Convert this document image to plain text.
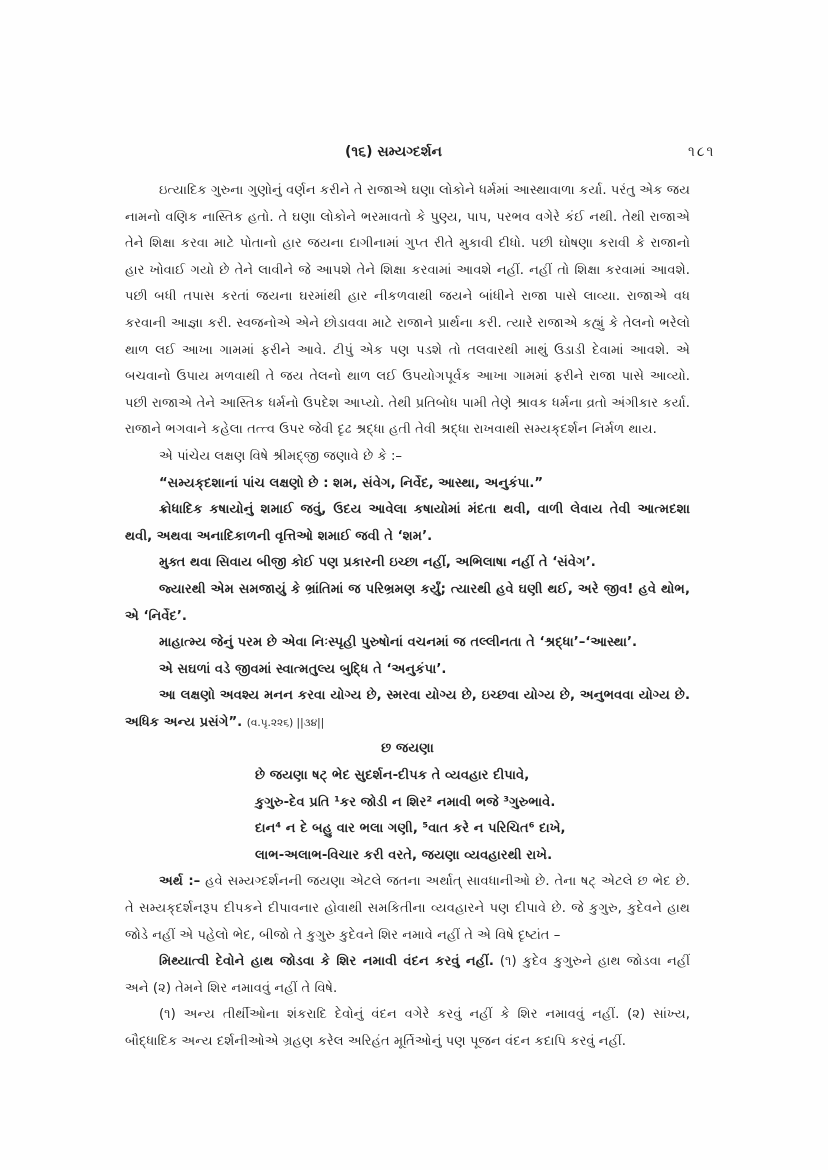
(૧૬) સમ્યગ્દર્શન	૧૮૧

ઇત્યાદિક ગુરુના ગુણોનું વર્ણન કરીને તે રાજાએ ઘણા લોકોને ધર્મમાં આસ્થાવાળા કર્યા. પરંતુ એક જય નામનો વણિક નાસ્તિક હતો. તે ઘણા લોકોને ભરમાવતો કે પુણ્ય, પાપ, પરભવ વગેરે કંઈ નથી. તેથી રાજાએ તેને શિક્ષા કરવા માટે પોતાનો હાર જયના દાગીનામાં ગુપ્ત રીતે મુકાવી દીધો. પછી ઘોષણા કરાવી કે રાજાનો હાર ખોવાઈ ગયો છે તેને લાવીને જે આપશે તેને શિક્ષા કરવામાં આવશે નહીં. નહીં તો શિક્ષા કરવામાં આવશે. પછી બધી તપાસ કરતાં જયના ઘરમાંથી હાર નીકળવાથી જયને બાંધીને રાજા પાસે લાવ્યા. રાજાએ વધ કરવાની આજ્ઞા કરી. સ્વજનોએ એને છોડાવવા માટે રાજાને પ્રાર્થના કરી. ત્યારે રાજાએ કહ્યું કે તેલનો ભરેલો થાળ લઈ આખા ગામમાં ફરીને આવે. ટીપું એક પણ પડશે તો તલવારથી માથું ઉડાડી દેવામાં આવશે. એ બચવાનો ઉપાય મળવાથી તે જય તેલનો થાળ લઈ ઉપયોગપૂર્વક આખા ગામમાં ફરીને રાજા પાસે આવ્યો. પછી રાજાએ તેને આસ્તિક ધર્મનો ઉપદેશ આપ્યો. તેથી પ્રતિબોધ પામી તેણે શ્રાવક ધર્મના વ્રતો અંગીકાર કર્યા. રાજાને ભગવાને કહેલા તત્ત્વ ઉપર જેવી દૃઢ શ્રદ્ધા હતી તેવી શ્રદ્ધા રાખવાથી સમ્યક્‌દર્શન નિર્મળ થાય.

એ પાંચેય લક્ષણ વિષે શ્રીમદ્‌જી જણાવે છે કે :–

“સમ્યક્‌દશાનાં પાંચ લક્ષણો છે : શમ, સંવેગ, નિર્વેદ, આસ્થા, અનુકંપા.”

ક્રોધાદિક કષાયોનું શમાઈ જવું, ઉદય આવેલા કષાયોમાં મંદતા થવી, વાળી લેવાય તેવી આત્મદશા થવી, અથવા અનાદિકાળની વૃત્તિઓ શમાઈ જવી તે ‘શમ’.

મુક્ત થવા સિવાય બીજી કોઈ પણ પ્રકારની ઇચ્છા નહીં, અભિલાષા નહીં તે ‘સંવેગ’.

જ્યારથી એમ સમજાયું કે ભ્રાંતિમાં જ પરિભ્રમણ કર્યું; ત્યારથી હવે ઘણી થઈ, અરે જીવ! હવે થોભ, એ ‘નિર્વેદ’.

માહાત્મ્ય જેનું પરમ છે એવા નિઃસ્પૃહી પુરુષોનાં વચનમાં જ તલ્લીનતા તે ‘શ્રદ્ધા’–‘આસ્થા’.

એ સઘળાં વડે જીવમાં સ્વાત્મતુલ્ય બુદ્ધિ તે ‘અનુકંપા’.

આ લક્ષણો અવશ્ય મનન કરવા યોગ્ય છે, સ્મરવા યોગ્ય છે, ઇચ્છવા યોગ્ય છે, અનુભવવા યોગ્ય છે. અધિક અન્ય પ્રસંગે”. (વ.પૃ.૨૨૬) ||૩૪||

છ જયણા

છે જયણા ષટ્ ભેદ સુદર્શન-દીપક તે વ્યવહાર દીપાવે,

કુગુરુ-દેવ પ્રતિ ¹કર જોડી ન શિર² નમાવી ભજે ³ગુરુભાવે.

દાન⁴ ન દે બહુ વાર ભલા ગણી, ⁵વાત કરે ન પરિચિત⁶ દાખે,

લાભ-અલાભ-વિચાર કરી વરતે, જયણા વ્યવહારથી રાખે.

અર્થ :– હવે સમ્યગ્દર્શનની જયણા એટલે જતના અર્થાત્ સાવધાનીઓ છે. તેના ષટ્ એટલે છ ભેદ છે. તે સમ્યક્‌દર્શનરૂપ દીપકને દીપાવનાર હોવાથી સમકિતીના વ્યવહારને પણ દીપાવે છે. જે કુગુરુ, કુદેવને હાથ જોડે નહીં એ પહેલો ભેદ, બીજો તે કુગુરુ કુદેવને શિર નમાવે નહીં તે એ વિષે દૃષ્ટાંત –

મિથ્યાત્વી દેવોને હાથ જોડવા કે શિર નમાવી વંદન કરવું નહીં. (૧) કુદેવ કુગુરુને હાથ જોડવા નહીં અને (૨) તેમને શિર નમાવવું નહીં તે વિષે.

(૧) અન્ય તીર્થીઓના શંકરાદિ દેવોનું વંદન વગેરે કરવું નહીં કે શિર નમાવવું નહીં. (૨) સાંખ્ય, બૌદ્ધાદિક અન્ય દર્શનીઓએ ગ્રહણ કરેલ અરિહંત મૂર્તિઓનું પણ પૂજન વંદન કદાપિ કરવું નહીં.
